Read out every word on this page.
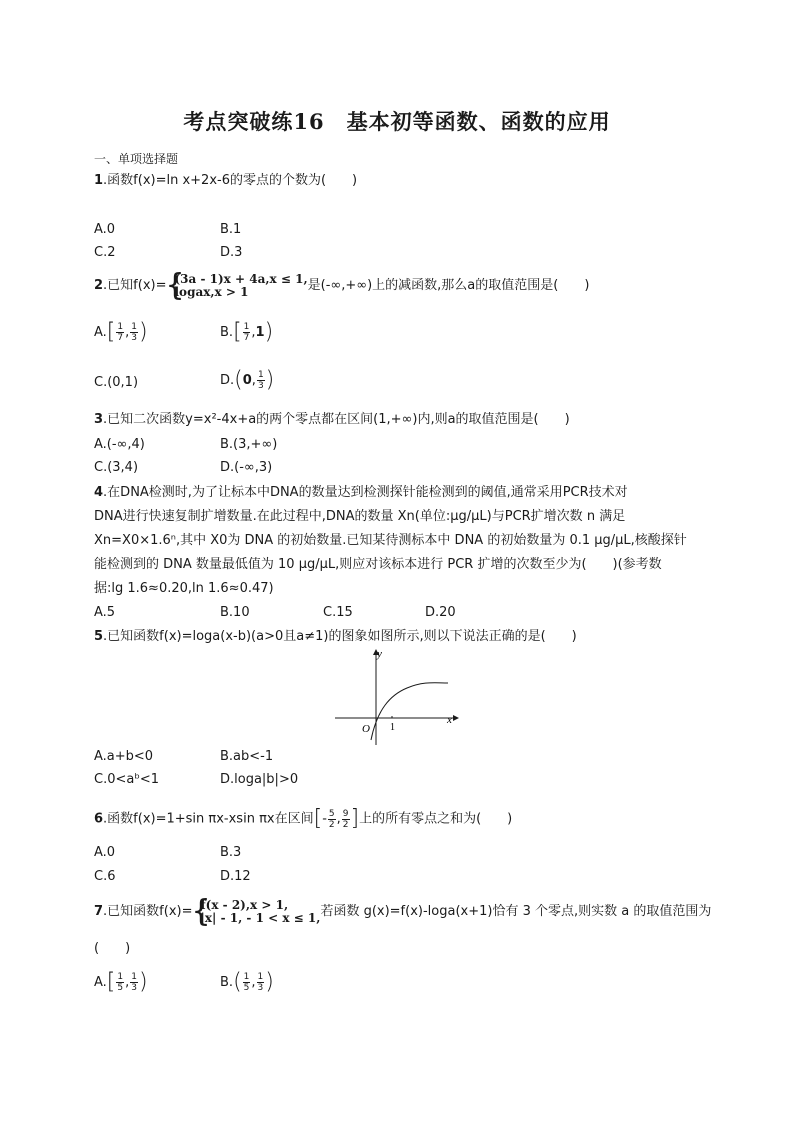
考点突破练16　基本初等函数、函数的应用
一、单项选择题
1.函数f(x)=ln x+2x-6的零点的个数为(　　)
A.0	B.1
C.2	D.3
2.已知f(x)= { (3a - 1)x + 4a,x ≤ 1,
logax,x > 1	是(-∞,+∞)上的减函数,那么a的取值范围是(　　)
$A.[ \frac{1}{7}$ , $\frac{1}{3}$ )	$B.[ \frac{1}{7} ,1)$
C.(0,1)	D.(0, $\frac{1}{3}$ )
3.已知二次函数y=x²-4x+a的两个零点都在区间(1,+∞)内,则a的取值范围是(　　)
A.(-∞,4)	B.(3,+∞)
C.(3,4)	D.(-∞,3)
4.在DNA检测时,为了让标本中DNA的数量达到检测探针能检测到的阈值,通常采用PCR技术对
DNA进行快速复制扩增数量.在此过程中,DNA的数量 Xn(单位:μg/μL)与PCR扩增次数 n 满足
Xn=X0×1.6ⁿ,其中 X0为 DNA 的初始数量.已知某待测标本中 DNA 的初始数量为 0.1 μg/μL,核酸探针
能检测到的 DNA 数量最低值为 10 μg/μL,则应对该标本进行 PCR 扩增的次数至少为(　　)(参考数
据:lg 1.6≈0.20,ln 1.6≈0.47)
A.5	B.10	C.15	D.20
5.已知函数f(x)=loga(x-b)(a>0且a≠1)的图象如图所示,则以下说法正确的是(　　)
y
x
O 1
A.a+b<0	B.ab<-1
C.0<aᵇ<1	D.loga|b|>0
6.函数f(x)=1+sin πx-xsin πx在区间[- $\frac{5}{2}$ , $\frac{9}{2}$ ]上的所有零点之和为(　　)
A.0	B.3
C.6	D.12
7.已知函数f(x)= { f(x - 2),x > 1,
|x| - 1, - 1 < x ≤ 1, 若函数 g(x)=f(x)-loga(x+1)恰有 3 个零点,则实数 a 的取值范围为
(　　)
$A.[ \frac{1}{5}$ , $\frac{1}{3}$ )	$B.( \frac{1}{5}$ , $\frac{1}{3}$ )
